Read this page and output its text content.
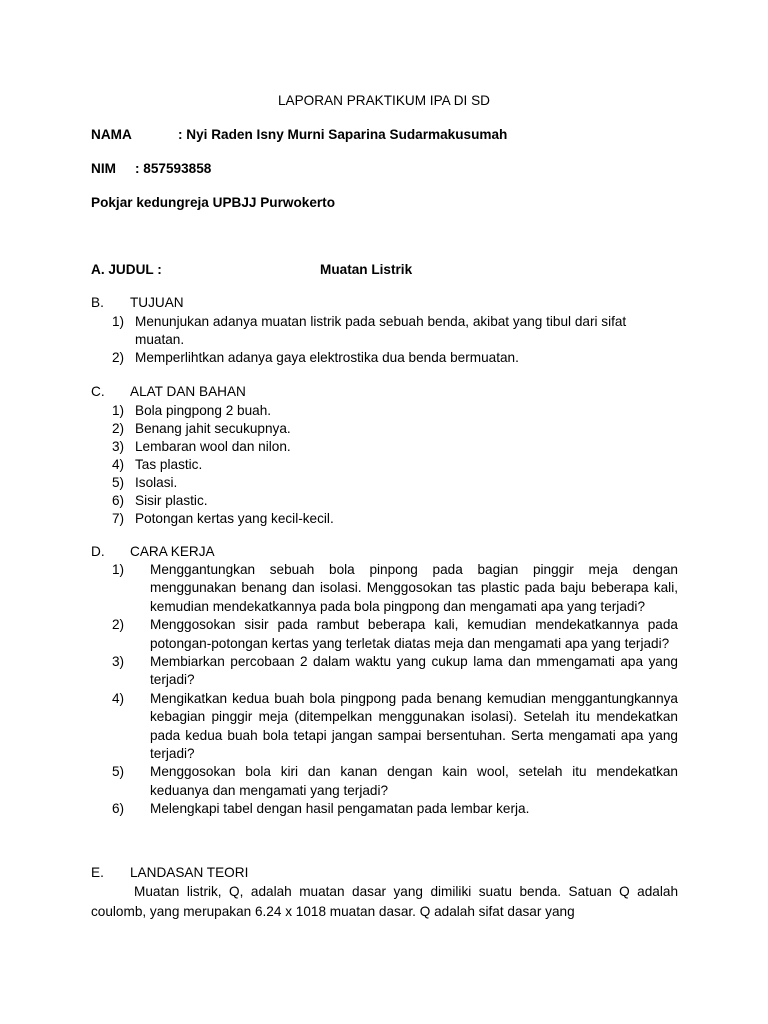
LAPORAN PRAKTIKUM IPA DI SD
NAMA	: Nyi Raden Isny Murni Saparina Sudarmakusumah
NIM : 857593858
Pokjar kedungreja UPBJJ Purwokerto
A. JUDUL :	Muatan Listrik
B. TUJUAN
1) Menunjukan adanya muatan listrik pada sebuah benda, akibat yang tibul dari sifat muatan.
2) Memperlihtkan adanya gaya elektrostika dua benda bermuatan.
C. ALAT DAN BAHAN
1) Bola pingpong 2 buah.
2) Benang jahit secukupnya.
3) Lembaran wool dan nilon.
4) Tas plastic.
5) Isolasi.
6) Sisir plastic.
7) Potongan kertas yang kecil-kecil.
D. CARA KERJA
1) Menggantungkan sebuah bola pinpong pada bagian pinggir meja dengan menggunakan benang dan isolasi. Menggosokan tas plastic pada baju beberapa kali, kemudian mendekatkannya pada bola pingpong dan mengamati apa yang terjadi?
2) Menggosokan sisir pada rambut beberapa kali, kemudian mendekatkannya pada potongan-potongan kertas yang terletak diatas meja dan mengamati apa yang terjadi?
3) Membiarkan percobaan 2 dalam waktu yang cukup lama dan mmengamati apa yang terjadi?
4) Mengikatkan kedua buah bola pingpong pada benang kemudian menggantungkannya kebagian pinggir meja (ditempelkan menggunakan isolasi). Setelah itu mendekatkan pada kedua buah bola tetapi jangan sampai bersentuhan. Serta mengamati apa yang terjadi?
5) Menggosokan bola kiri dan kanan dengan kain wool, setelah itu mendekatkan keduanya dan mengamati yang terjadi?
6) Melengkapi tabel dengan hasil pengamatan pada lembar kerja.
E. LANDASAN TEORI
Muatan listrik, Q, adalah muatan dasar yang dimiliki suatu benda. Satuan Q adalah coulomb, yang merupakan 6.24 x 1018 muatan dasar. Q adalah sifat dasar yang
